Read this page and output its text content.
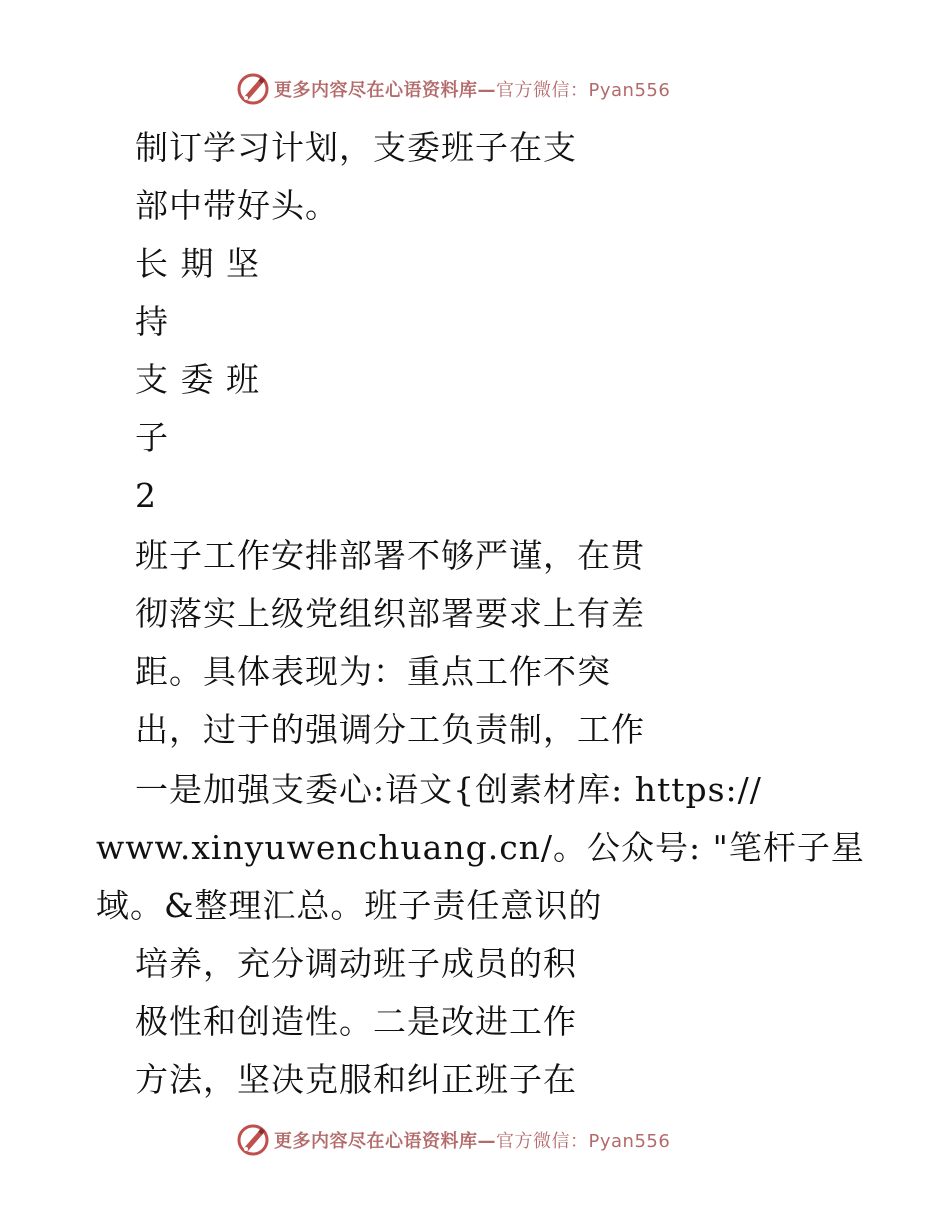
更多内容尽在心语资料库— 官方微信：Pyan556
制订学习计划，支委班子在支
部中带好头。
长 期 坚
持
支 委 班
子
2
班子工作安排部署不够严谨，在贯
彻落实上级党组织部署要求上有差
距。具体表现为：重点工作不突
出，过于的强调分工负责制，工作
一是加强支委心:语文{创素材库: https://
www.xinyuwenchuang.cn/。公众号: "笔杆子星
域。&整理汇总。班子责任意识的
培养，充分调动班子成员的积
极性和创造性。二是改进工作
方法，坚决克服和纠正班子在
更多内容尽在心语资料库— 官方微信：Pyan556
